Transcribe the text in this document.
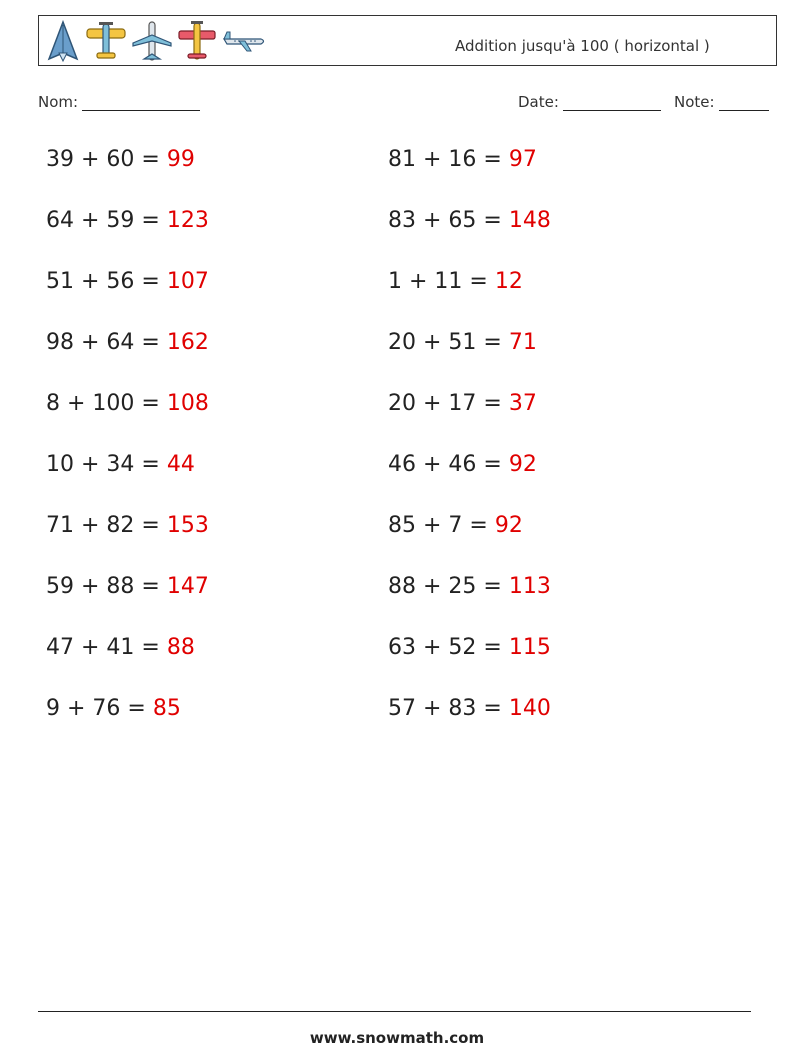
Addition jusqu'à 100 ( horizontal )
Nom:	Date:	Note:
39 + 60 = 99
64 + 59 = 123
51 + 56 = 107
98 + 64 = 162
8 + 100 = 108
10 + 34 = 44
71 + 82 = 153
59 + 88 = 147
47 + 41 = 88
9 + 76 = 85
81 + 16 = 97
83 + 65 = 148
1 + 11 = 12
20 + 51 = 71
20 + 17 = 37
46 + 46 = 92
85 + 7 = 92
88 + 25 = 113
63 + 52 = 115
57 + 83 = 140
www.snowmath.com
